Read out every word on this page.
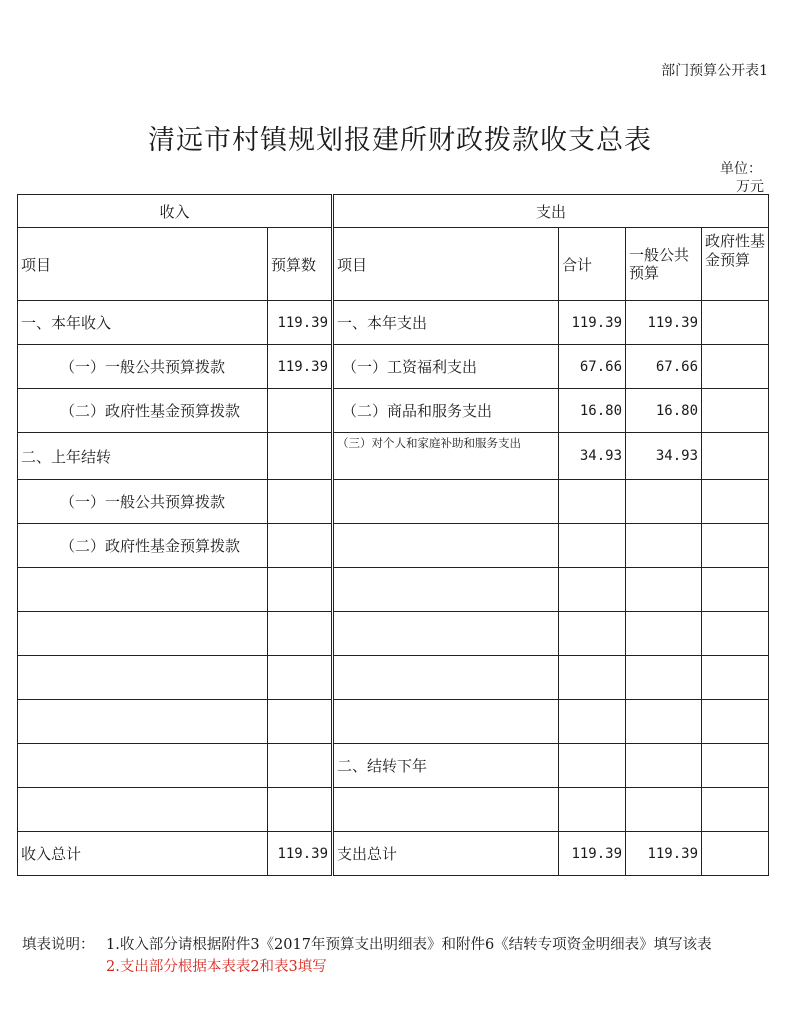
部门预算公开表1
清远市村镇规划报建所财政拨款收支总表
单位：
万元
收入		支出			
项目	预算数	项目	合计	一般公共预算	政府性基金预算
一、本年收入	119.39	一、本年支出	119.39	119.39	
（一）一般公共预算拨款	119.39	（一）工资福利支出	67.66	67.66	
（二）政府性基金预算拨款		（二）商品和服务支出	16.80	16.80	
二、上年结转		（三）对个人和家庭补助和服务支出	34.93	34.93	
（一）一般公共预算拨款					
（二）政府性基金预算拨款					

		二、结转下年			

收入总计	119.39	支出总计	119.39	119.39	
填表说明： 1.收入部分请根据附件3《2017年预算支出明细表》和附件6《结转专项资金明细表》填写该表
2.支出部分根据本表表2和表3填写
